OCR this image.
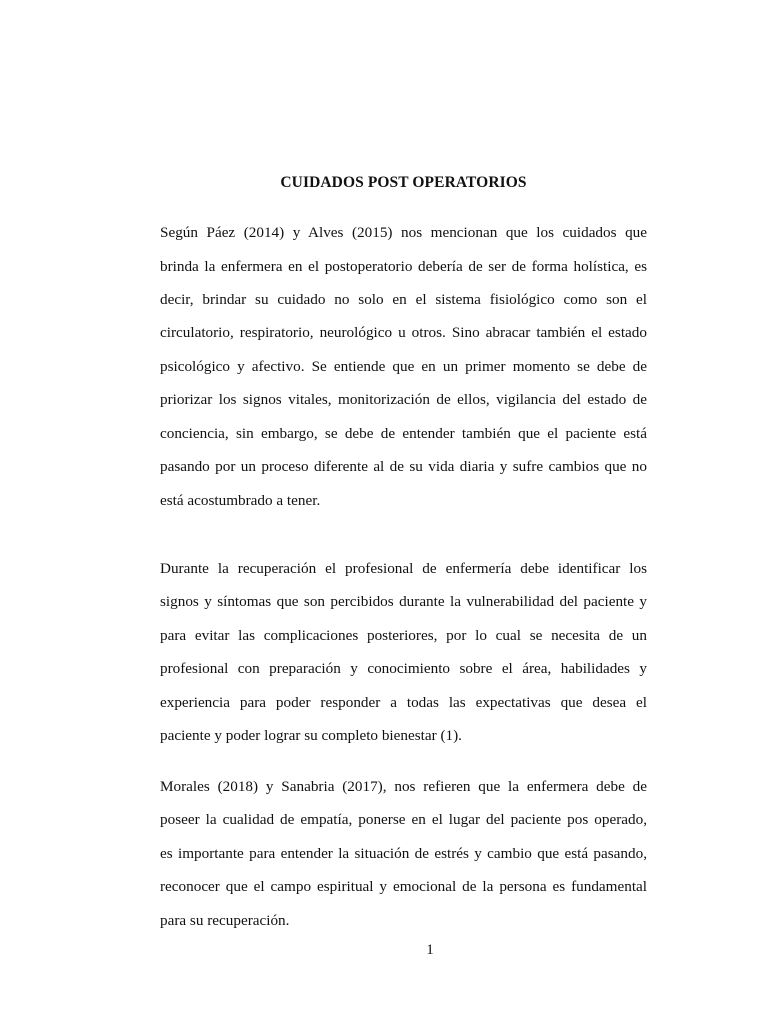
CUIDADOS POST OPERATORIOS
Según Páez (2014) y Alves (2015) nos mencionan que los cuidados que
brinda la enfermera en el postoperatorio debería de ser de forma holística, es
decir, brindar su cuidado no solo en el sistema fisiológico como son el
circulatorio, respiratorio, neurológico u otros. Sino abracar también el estado
psicológico y afectivo. Se entiende que en un primer momento se debe de
priorizar los signos vitales, monitorización de ellos, vigilancia del estado de
conciencia, sin embargo, se debe de entender también que el paciente está
pasando por un proceso diferente al de su vida diaria y sufre cambios que no
está acostumbrado a tener.
Durante la recuperación el profesional de enfermería debe identificar los
signos y síntomas que son percibidos durante la vulnerabilidad del paciente y
para evitar las complicaciones posteriores, por lo cual se necesita de un
profesional con preparación y conocimiento sobre el área, habilidades y
experiencia para poder responder a todas las expectativas que desea el
paciente y poder lograr su completo bienestar (1).
Morales (2018) y Sanabria (2017), nos refieren que la enfermera debe de
poseer la cualidad de empatía, ponerse en el lugar del paciente pos operado,
es importante para entender la situación de estrés y cambio que está pasando,
reconocer que el campo espiritual y emocional de la persona es fundamental
para su recuperación.
1
